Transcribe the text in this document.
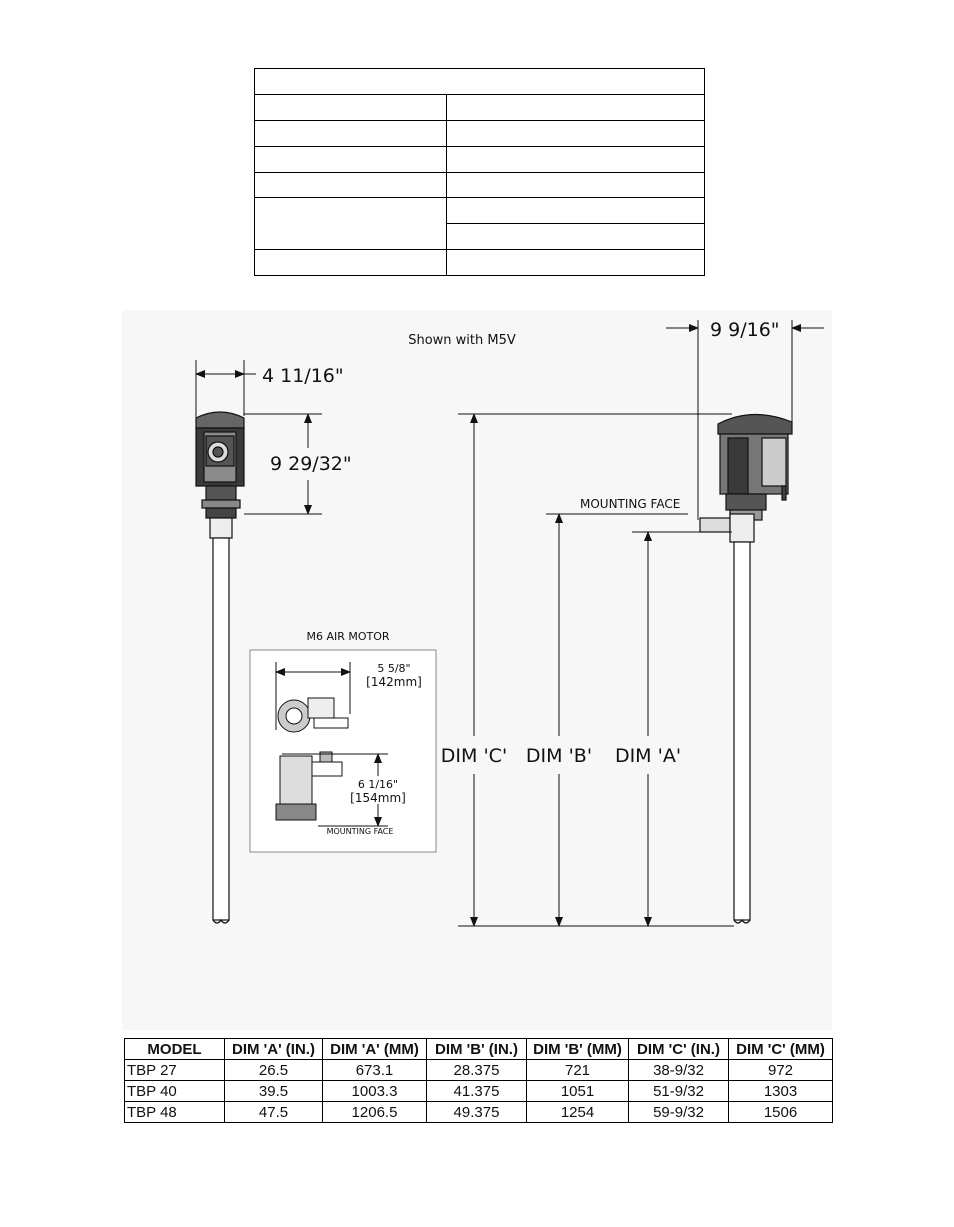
Shown with M5V
4 11/16"
9 29/32"
M6 AIR MOTOR
5 5/8"
[142mm]
6 1/16"
[154mm]
MOUNTING FACE
9 9/16"
MOUNTING FACE
DIM 'C' DIM 'B' DIM 'A'
MODEL	DIM 'A' (IN.)	DIM 'A' (MM)	DIM 'B' (IN.)	DIM 'B' (MM)	DIM 'C' (IN.)	DIM 'C' (MM)
TBP 27	26.5	673.1	28.375	721	38-9/32	972
TBP 40	39.5	1003.3	41.375	1051	51-9/32	1303
TBP 48	47.5	1206.5	49.375	1254	59-9/32	1506
